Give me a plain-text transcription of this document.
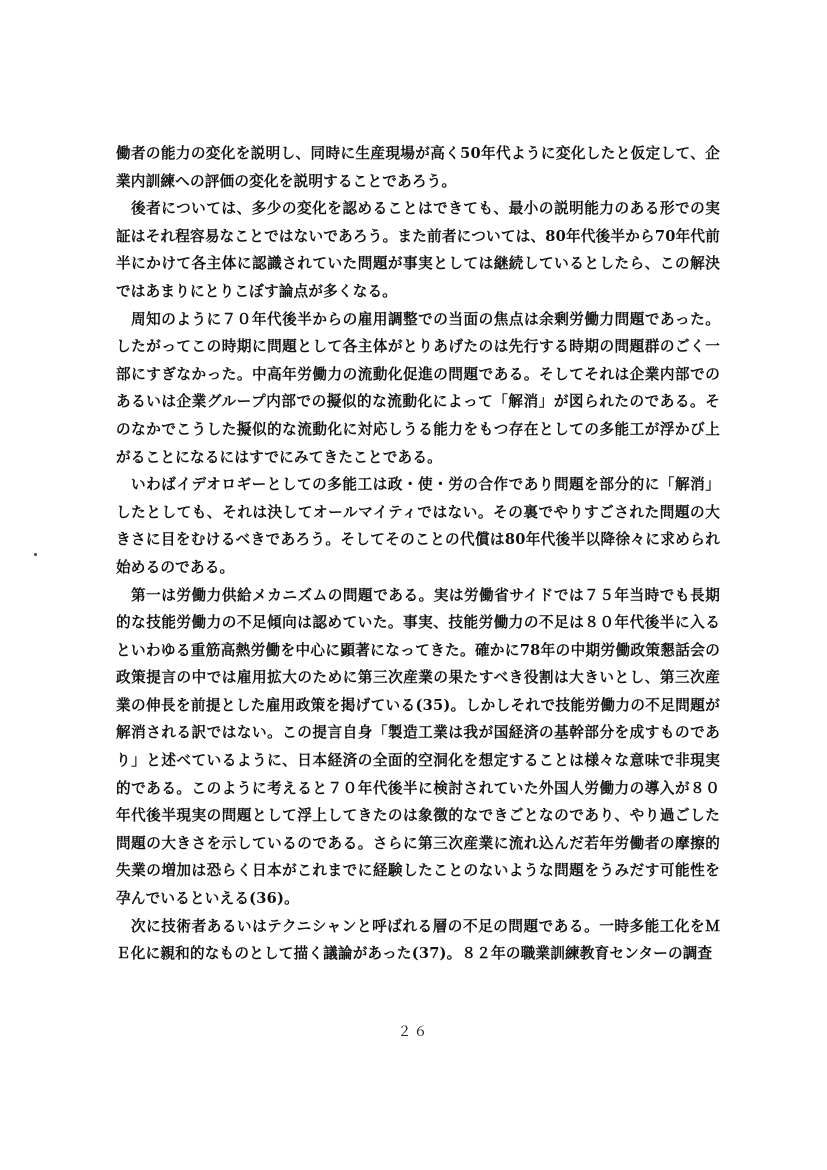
働者の能力の変化を説明し、同時に生産現場が高く50年代ように変化したと仮定して、企業内訓練への評価の変化を説明することであろう。

後者については、多少の変化を認めることはできても、最小の説明能力のある形での実証はそれ程容易なことではないであろう。また前者については、80年代後半から70年代前半にかけて各主体に認識されていた問題が事実としては継続しているとしたら、この解決ではあまりにとりこぼす論点が多くなる。

周知のように７０年代後半からの雇用調整での当面の焦点は余剰労働力問題であった。したがってこの時期に問題として各主体がとりあげたのは先行する時期の問題群のごく一部にすぎなかった。中高年労働力の流動化促進の問題である。そしてそれは企業内部でのあるいは企業グループ内部での擬似的な流動化によって「解消」が図られたのである。そのなかでこうした擬似的な流動化に対応しうる能力をもつ存在としての多能工が浮かび上がることになるにはすでにみてきたことである。

いわばイデオロギーとしての多能工は政・使・労の合作であり問題を部分的に「解消」したとしても、それは決してオールマイティではない。その裏でやりすごされた問題の大きさに目をむけるべきであろう。そしてそのことの代償は80年代後半以降徐々に求められ始めるのである。

第一は労働力供給メカニズムの問題である。実は労働省サイドでは７５年当時でも長期的な技能労働力の不足傾向は認めていた。事実、技能労働力の不足は８０年代後半に入るといわゆる重筋高熱労働を中心に顕著になってきた。確かに78年の中期労働政策懇話会の政策提言の中では雇用拡大のために第三次産業の果たすべき役割は大きいとし、第三次産業の伸長を前提とした雇用政策を掲げている(35)。しかしそれで技能労働力の不足問題が解消される訳ではない。この提言自身「製造工業は我が国経済の基幹部分を成すものであり」と述べているように、日本経済の全面的空洞化を想定することは様々な意味で非現実的である。このように考えると７０年代後半に検討されていた外国人労働力の導入が８０年代後半現実の問題として浮上してきたのは象徴的なできごとなのであり、やり過ごした問題の大きさを示しているのである。さらに第三次産業に流れ込んだ若年労働者の摩擦的失業の増加は恐らく日本がこれまでに経験したことのないような問題をうみだす可能性を孕んでいるといえる(36)。

次に技術者あるいはテクニシャンと呼ばれる層の不足の問題である。一時多能工化をＭＥ化に親和的なものとして描く議論があった(37)。８２年の職業訓練教育センターの調査

２６
